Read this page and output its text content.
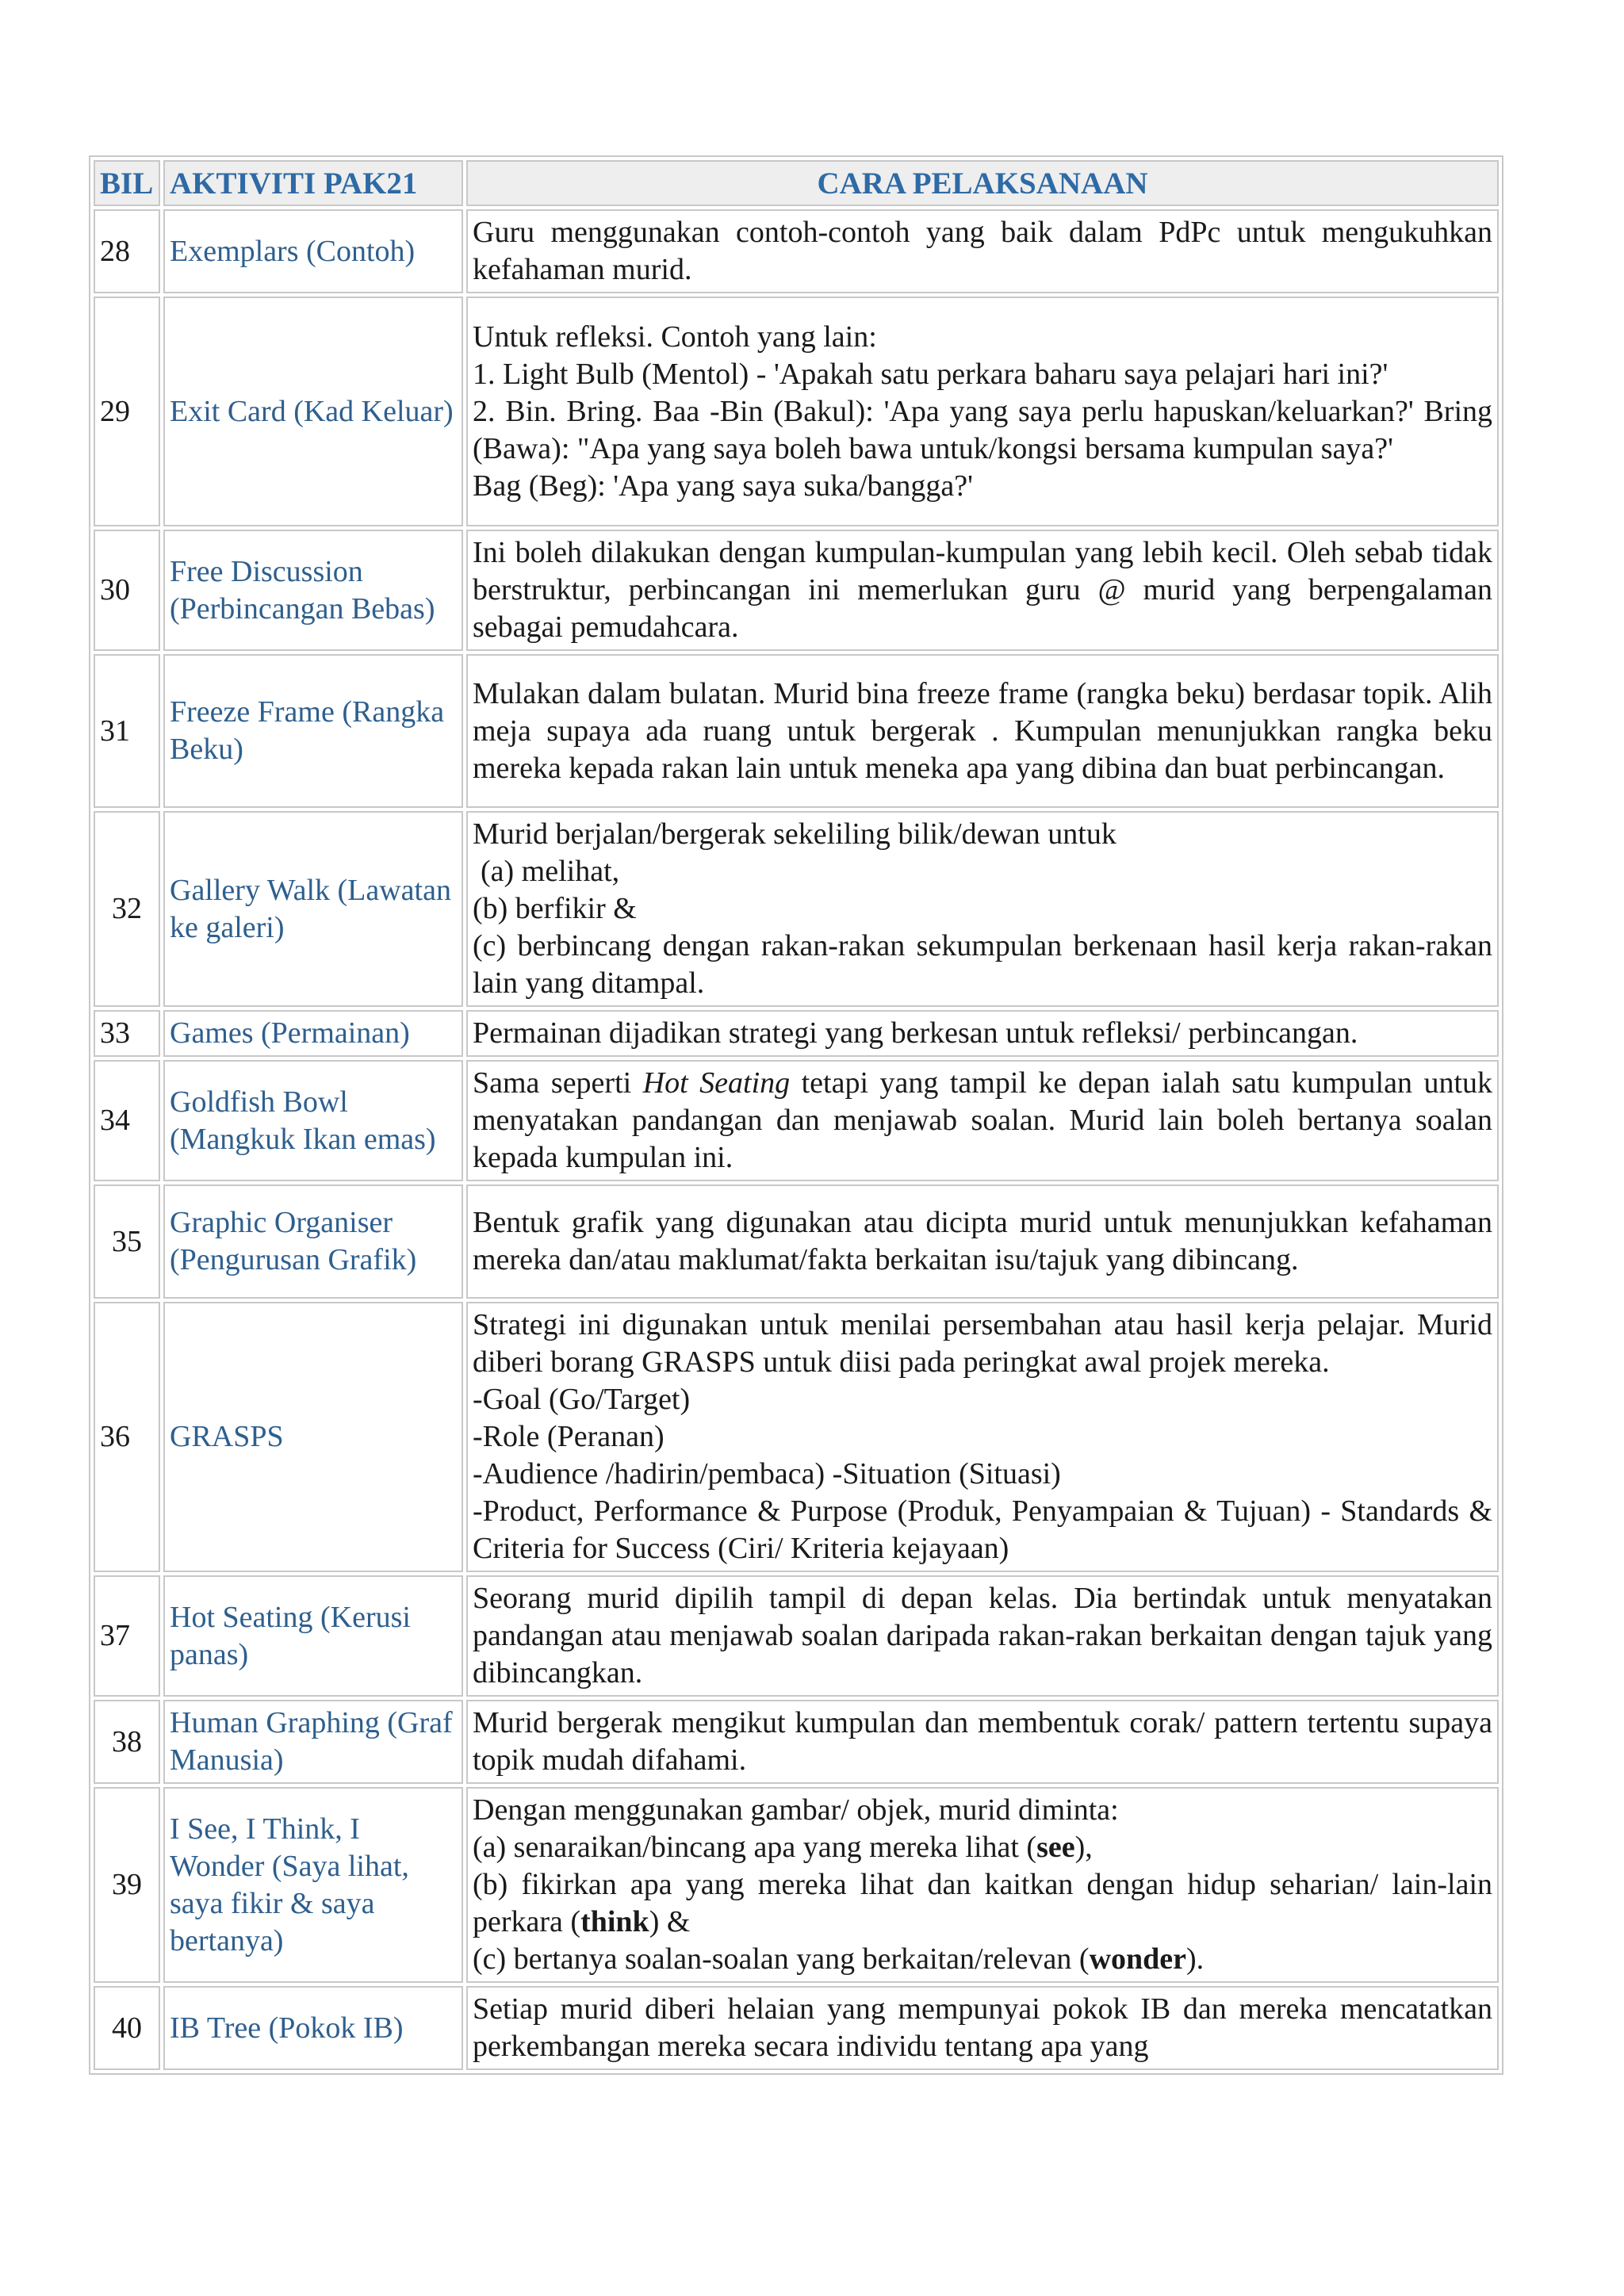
BIL	AKTIVITI PAK21	CARA PELAKSANAAN
28	Exemplars (Contoh)	Guru menggunakan contoh-contoh yang baik dalam PdPc untuk mengukuhkan kefahaman murid.
29	Exit Card (Kad Keluar)	Untuk refleksi. Contoh yang lain:
1. Light Bulb (Mentol) - 'Apakah satu perkara baharu saya pelajari hari ini?'
2. Bin. Bring. Baa -Bin (Bakul): 'Apa yang saya perlu hapuskan/keluarkan?' Bring (Bawa): "Apa yang saya boleh bawa untuk/kongsi bersama kumpulan saya?'
Bag (Beg): 'Apa yang saya suka/bangga?'

30	Free Discussion (Perbincangan Bebas)	Ini boleh dilakukan dengan kumpulan-kumpulan yang lebih kecil. Oleh sebab tidak berstruktur, perbincangan ini memerlukan guru @ murid yang berpengalaman sebagai pemudahcara.
31	Freeze Frame (Rangka Beku)	Mulakan dalam bulatan. Murid bina freeze frame (rangka beku) berdasar topik. Alih meja supaya ada ruang untuk bergerak . Kumpulan menunjukkan rangka beku mereka kepada rakan lain untuk meneka apa yang dibina dan buat perbincangan.
32	Gallery Walk (Lawatan ke galeri)	Murid berjalan/bergerak sekeliling bilik/dewan untuk
(a) melihat,
(b) berfikir &
(c) berbincang dengan rakan-rakan sekumpulan berkenaan hasil kerja rakan-rakan lain yang ditampal.

33	Games (Permainan)	Permainan dijadikan strategi yang berkesan untuk refleksi/ perbincangan.
34	Goldfish Bowl (Mangkuk Ikan emas)	Sama seperti Hot Seating tetapi yang tampil ke depan ialah satu kumpulan untuk menyatakan pandangan dan menjawab soalan. Murid lain boleh bertanya soalan kepada kumpulan ini.
35	Graphic Organiser (Pengurusan Grafik)	Bentuk grafik yang digunakan atau dicipta murid untuk menunjukkan kefahaman mereka dan/atau maklumat/fakta berkaitan isu/tajuk yang dibincang.
36	GRASPS	Strategi ini digunakan untuk menilai persembahan atau hasil kerja pelajar. Murid diberi borang GRASPS untuk diisi pada peringkat awal projek mereka.
-Goal (Go/Target)
-Role (Peranan)
-Audience /hadirin/pembaca) -Situation (Situasi)
-Product, Performance & Purpose (Produk, Penyampaian & Tujuan) - Standards & Criteria for Success (Ciri/ Kriteria kejayaan)

37	Hot Seating (Kerusi panas)	Seorang murid dipilih tampil di depan kelas. Dia bertindak untuk menyatakan pandangan atau menjawab soalan daripada rakan-rakan berkaitan dengan tajuk yang dibincangkan.
38	Human Graphing (Graf Manusia)	Murid bergerak mengikut kumpulan dan membentuk corak/ pattern tertentu supaya topik mudah difahami.
39	I See, I Think, I Wonder (Saya lihat, saya fikir & saya bertanya)	Dengan menggunakan gambar/ objek, murid diminta:
(a) senaraikan/bincang apa yang mereka lihat (see),
(b) fikirkan apa yang mereka lihat dan kaitkan dengan hidup seharian/ lain-lain perkara (think) &
(c) bertanya soalan-soalan yang berkaitan/relevan (wonder).

40	IB Tree (Pokok IB)	Setiap murid diberi helaian yang mempunyai pokok IB dan mereka mencatatkan perkembangan mereka secara individu tentang apa yang
